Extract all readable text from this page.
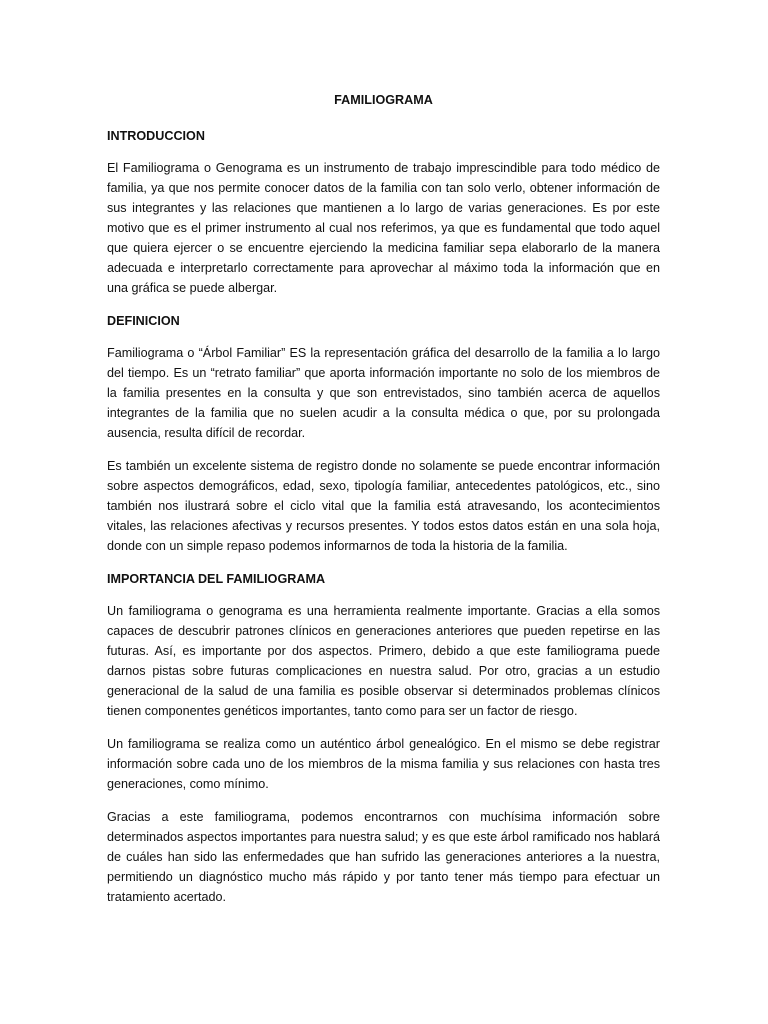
FAMILIOGRAMA
INTRODUCCION

El Familiograma o Genograma es un instrumento de trabajo imprescindible para todo médico de familia, ya que nos permite conocer datos de la familia con tan solo verlo, obtener información de sus integrantes y las relaciones que mantienen a lo largo de varias generaciones. Es por este motivo que es el primer instrumento al cual nos referimos, ya que es fundamental que todo aquel que quiera ejercer o se encuentre ejerciendo la medicina familiar sepa elaborarlo de la manera adecuada e interpretarlo correctamente para aprovechar al máximo toda la información que en una gráfica se puede albergar.

DEFINICION

Familiograma o “Árbol Familiar” ES la representación gráfica del desarrollo de la familia a lo largo del tiempo. Es un “retrato familiar” que aporta información importante no solo de los miembros de la familia presentes en la consulta y que son entrevistados, sino también acerca de aquellos integrantes de la familia que no suelen acudir a la consulta médica o que, por su prolongada ausencia, resulta difícil de recordar.

Es también un excelente sistema de registro donde no solamente se puede encontrar información sobre aspectos demográficos, edad, sexo, tipología familiar, antecedentes patológicos, etc., sino también nos ilustrará sobre el ciclo vital que la familia está atravesando, los acontecimientos vitales, las relaciones afectivas y recursos presentes. Y todos estos datos están en una sola hoja, donde con un simple repaso podemos informarnos de toda la historia de la familia.

IMPORTANCIA DEL FAMILIOGRAMA

Un familiograma o genograma es una herramienta realmente importante. Gracias a ella somos capaces de descubrir patrones clínicos en generaciones anteriores que pueden repetirse en las futuras. Así, es importante por dos aspectos. Primero, debido a que este familiograma puede darnos pistas sobre futuras complicaciones en nuestra salud. Por otro, gracias a un estudio generacional de la salud de una familia es posible observar si determinados problemas clínicos tienen componentes genéticos importantes, tanto como para ser un factor de riesgo.

Un familiograma se realiza como un auténtico árbol genealógico. En el mismo se debe registrar información sobre cada uno de los miembros de la misma familia y sus relaciones con hasta tres generaciones, como mínimo.

Gracias a este familiograma, podemos encontrarnos con muchísima información sobre determinados aspectos importantes para nuestra salud; y es que este árbol ramificado nos hablará de cuáles han sido las enfermedades que han sufrido las generaciones anteriores a la nuestra, permitiendo un diagnóstico mucho más rápido y por tanto tener más tiempo para efectuar un tratamiento acertado.
